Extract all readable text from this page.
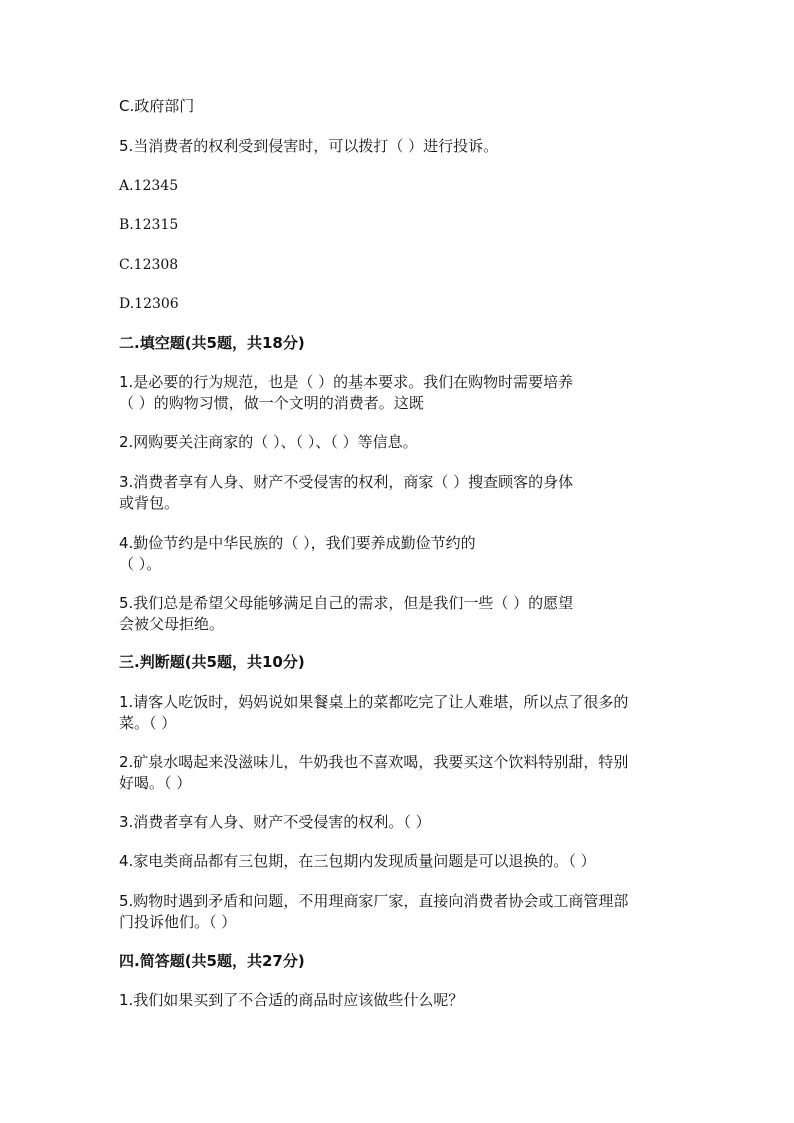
C.政府部门
5.当消费者的权利受到侵害时，可以拨打（ ）进行投诉。
A.12345
B.12315
C.12308
D.12306
二.填空题(共5题，共18分)
1.是必要的行为规范，也是（ ）的基本要求。我们在购物时需要培养
（ ）的购物习惯，做一个文明的消费者。这既
2.网购要关注商家的（ ）、（ ）、（ ）等信息。
3.消费者享有人身、财产不受侵害的权利，商家（ ）搜查顾客的身体
或背包。
4.勤俭节约是中华民族的（ ），我们要养成勤俭节约的
（ ）。
5.我们总是希望父母能够满足自己的需求，但是我们一些（ ）的愿望
会被父母拒绝。
三.判断题(共5题，共10分)
1.请客人吃饭时，妈妈说如果餐桌上的菜都吃完了让人难堪，所以点了很多的
菜。（ ）
2.矿泉水喝起来没滋味儿，牛奶我也不喜欢喝，我要买这个饮料特别甜，特别
好喝。（ ）
3.消费者享有人身、财产不受侵害的权利。（ ）
4.家电类商品都有三包期，在三包期内发现质量问题是可以退换的。（ ）
5.购物时遇到矛盾和问题，不用理商家厂家，直接向消费者协会或工商管理部
门投诉他们。（ ）
四.简答题(共5题，共27分)
1.我们如果买到了不合适的商品时应该做些什么呢？
